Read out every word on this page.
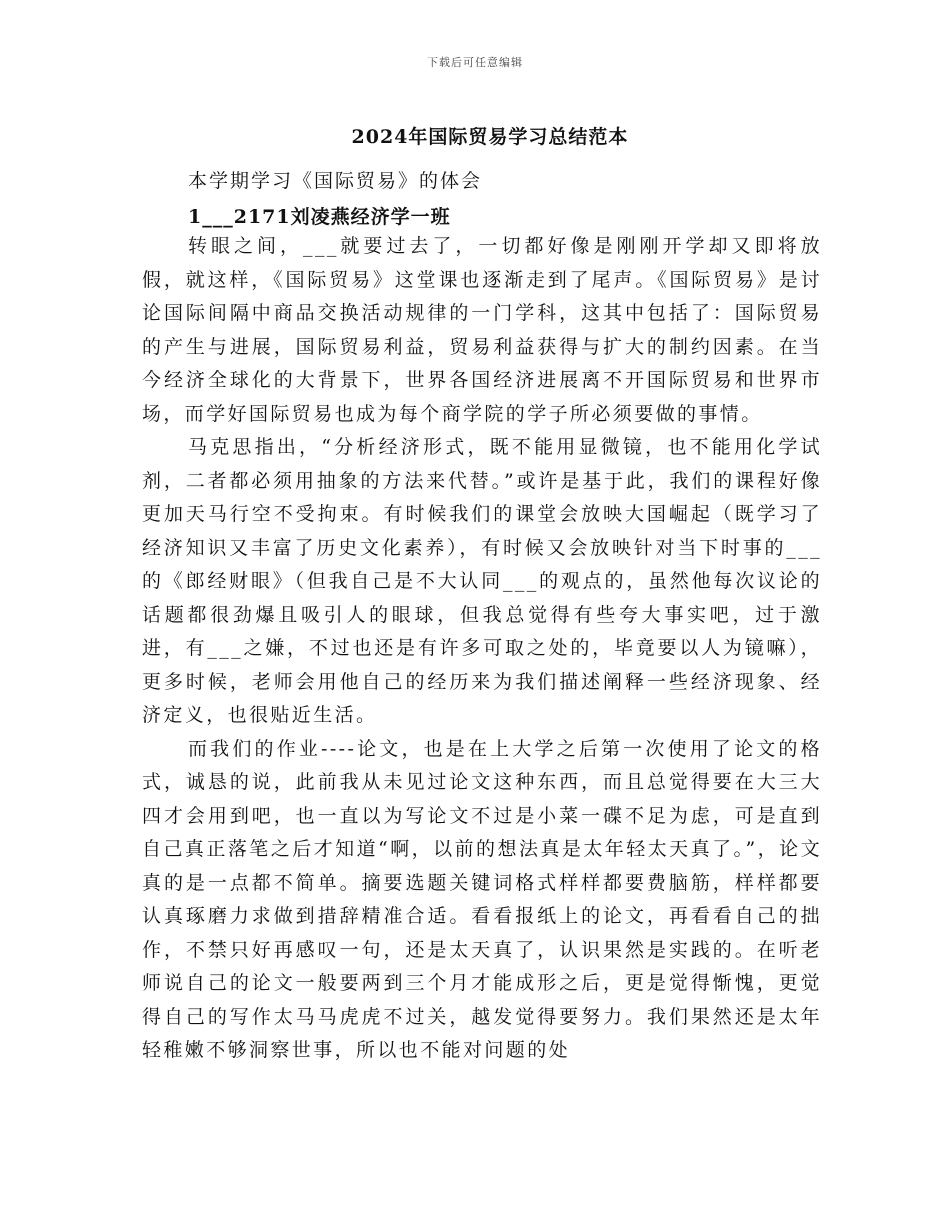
下载后可任意编辑
2024年国际贸易学习总结范本
本学期学习《国际贸易》的体会
1___2171刘凌燕经济学一班

转眼之间，___就要过去了，一切都好像是刚刚开学却又即将放假，就这样，《国际贸易》这堂课也逐渐走到了尾声。《国际贸易》是讨论国际间隔中商品交换活动规律的一门学科，这其中包括了：国际贸易的产生与进展，国际贸易利益，贸易利益获得与扩大的制约因素。在当今经济全球化的大背景下，世界各国经济进展离不开国际贸易和世界市场，而学好国际贸易也成为每个商学院的学子所必须要做的事情。

马克思指出，“分析经济形式，既不能用显微镜，也不能用化学试剂，二者都必须用抽象的方法来代替。”或许是基于此，我们的课程好像更加天马行空不受拘束。有时候我们的课堂会放映大国崛起（既学习了经济知识又丰富了历史文化素养），有时候又会放映针对当下时事的___的《郎经财眼》（但我自己是不大认同___的观点的，虽然他每次议论的话题都很劲爆且吸引人的眼球，但我总觉得有些夸大事实吧，过于激进，有___之嫌，不过也还是有许多可取之处的，毕竟要以人为镜嘛），更多时候，老师会用他自己的经历来为我们描述阐释一些经济现象、经济定义，也很贴近生活。

而我们的作业----论文，也是在上大学之后第一次使用了论文的格式，诚恳的说，此前我从未见过论文这种东西，而且总觉得要在大三大四才会用到吧，也一直以为写论文不过是小菜一碟不足为虑，可是直到自己真正落笔之后才知道“啊，以前的想法真是太年轻太天真了。”，论文真的是一点都不简单。摘要选题关键词格式样样都要费脑筋，样样都要认真琢磨力求做到措辞精准合适。看看报纸上的论文，再看看自己的拙作，不禁只好再感叹一句，还是太天真了，认识果然是实践的。在听老师说自己的论文一般要两到三个月才能成形之后，更是觉得惭愧，更觉得自己的写作太马马虎虎不过关，越发觉得要努力。我们果然还是太年轻稚嫩不够洞察世事，所以也不能对问题的处
